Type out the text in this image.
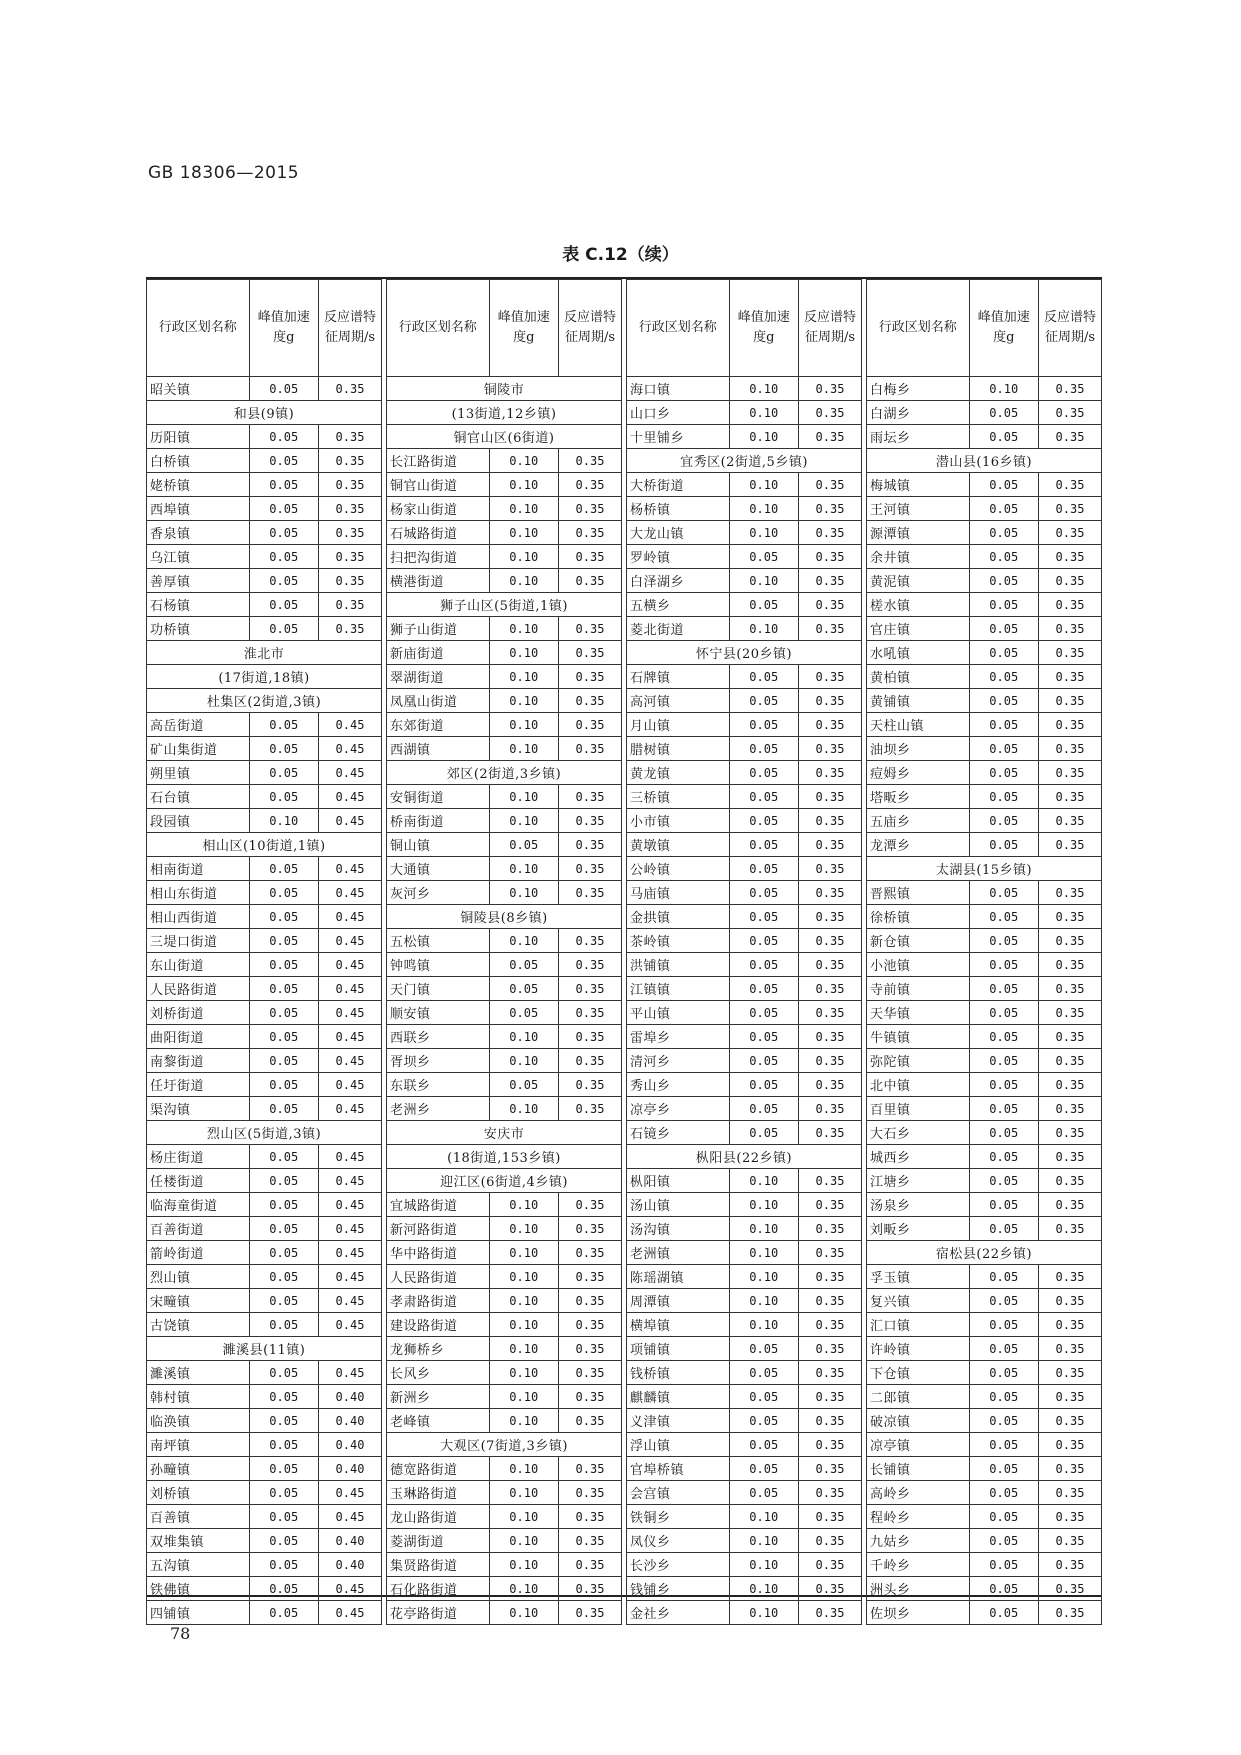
GB 18306—2015
表 C.12（续）
行政区划名称	峰值加速度g	反应谱特征周期/s
昭关镇	0.05	0.35
和县(9镇)		
历阳镇	0.05	0.35
白桥镇	0.05	0.35
姥桥镇	0.05	0.35
西埠镇	0.05	0.35
香泉镇	0.05	0.35
乌江镇	0.05	0.35
善厚镇	0.05	0.35
石杨镇	0.05	0.35
功桥镇	0.05	0.35
淮北市		
(17街道,18镇)		
杜集区(2街道,3镇)		
高岳街道	0.05	0.45
矿山集街道	0.05	0.45
朔里镇	0.05	0.45
石台镇	0.05	0.45
段园镇	0.10	0.45
相山区(10街道,1镇)		
相南街道	0.05	0.45
相山东街道	0.05	0.45
相山西街道	0.05	0.45
三堤口街道	0.05	0.45
东山街道	0.05	0.45
人民路街道	0.05	0.45
刘桥街道	0.05	0.45
曲阳街道	0.05	0.45
南黎街道	0.05	0.45
任圩街道	0.05	0.45
渠沟镇	0.05	0.45
烈山区(5街道,3镇)		
杨庄街道	0.05	0.45
任楼街道	0.05	0.45
临海童街道	0.05	0.45
百善街道	0.05	0.45
箭岭街道	0.05	0.45
烈山镇	0.05	0.45
宋疃镇	0.05	0.45
古饶镇	0.05	0.45
濉溪县(11镇)		
濉溪镇	0.05	0.45
韩村镇	0.05	0.40
临涣镇	0.05	0.40
南坪镇	0.05	0.40
孙疃镇	0.05	0.40
刘桥镇	0.05	0.45
百善镇	0.05	0.45
双堆集镇	0.05	0.40
五沟镇	0.05	0.40
铁佛镇	0.05	0.45
四铺镇	0.05	0.45
行政区划名称	峰值加速度g	反应谱特征周期/s
铜陵市		
(13街道,12乡镇)		
铜官山区(6街道)		
长江路街道	0.10	0.35
铜官山街道	0.10	0.35
杨家山街道	0.10	0.35
石城路街道	0.10	0.35
扫把沟街道	0.10	0.35
横港街道	0.10	0.35
狮子山区(5街道,1镇)		
狮子山街道	0.10	0.35
新庙街道	0.10	0.35
翠湖街道	0.10	0.35
凤凰山街道	0.10	0.35
东郊街道	0.10	0.35
西湖镇	0.10	0.35
郊区(2街道,3乡镇)		
安铜街道	0.10	0.35
桥南街道	0.10	0.35
铜山镇	0.05	0.35
大通镇	0.10	0.35
灰河乡	0.10	0.35
铜陵县(8乡镇)		
五松镇	0.10	0.35
钟鸣镇	0.05	0.35
天门镇	0.05	0.35
顺安镇	0.05	0.35
西联乡	0.10	0.35
胥坝乡	0.10	0.35
东联乡	0.05	0.35
老洲乡	0.10	0.35
安庆市		
(18街道,153乡镇)		
迎江区(6街道,4乡镇)		
宜城路街道	0.10	0.35
新河路街道	0.10	0.35
华中路街道	0.10	0.35
人民路街道	0.10	0.35
孝肃路街道	0.10	0.35
建设路街道	0.10	0.35
龙狮桥乡	0.10	0.35
长风乡	0.10	0.35
新洲乡	0.10	0.35
老峰镇	0.10	0.35
大观区(7街道,3乡镇)		
德宽路街道	0.10	0.35
玉琳路街道	0.10	0.35
龙山路街道	0.10	0.35
菱湖街道	0.10	0.35
集贤路街道	0.10	0.35
石化路街道	0.10	0.35
花亭路街道	0.10	0.35
行政区划名称	峰值加速度g	反应谱特征周期/s
海口镇	0.10	0.35
山口乡	0.10	0.35
十里铺乡	0.10	0.35
宜秀区(2街道,5乡镇)		
大桥街道	0.10	0.35
杨桥镇	0.10	0.35
大龙山镇	0.10	0.35
罗岭镇	0.05	0.35
白泽湖乡	0.10	0.35
五横乡	0.05	0.35
菱北街道	0.10	0.35
怀宁县(20乡镇)		
石牌镇	0.05	0.35
高河镇	0.05	0.35
月山镇	0.05	0.35
腊树镇	0.05	0.35
黄龙镇	0.05	0.35
三桥镇	0.05	0.35
小市镇	0.05	0.35
黄墩镇	0.05	0.35
公岭镇	0.05	0.35
马庙镇	0.05	0.35
金拱镇	0.05	0.35
茶岭镇	0.05	0.35
洪铺镇	0.05	0.35
江镇镇	0.05	0.35
平山镇	0.05	0.35
雷埠乡	0.05	0.35
清河乡	0.05	0.35
秀山乡	0.05	0.35
凉亭乡	0.05	0.35
石镜乡	0.05	0.35
枞阳县(22乡镇)		
枞阳镇	0.10	0.35
汤山镇	0.10	0.35
汤沟镇	0.10	0.35
老洲镇	0.10	0.35
陈瑶湖镇	0.10	0.35
周潭镇	0.10	0.35
横埠镇	0.10	0.35
项铺镇	0.05	0.35
钱桥镇	0.05	0.35
麒麟镇	0.05	0.35
义津镇	0.05	0.35
浮山镇	0.05	0.35
官埠桥镇	0.05	0.35
会宫镇	0.05	0.35
铁铜乡	0.10	0.35
凤仪乡	0.10	0.35
长沙乡	0.10	0.35
钱铺乡	0.10	0.35
金社乡	0.10	0.35
行政区划名称	峰值加速度g	反应谱特征周期/s
白梅乡	0.10	0.35
白湖乡	0.05	0.35
雨坛乡	0.05	0.35
潜山县(16乡镇)		
梅城镇	0.05	0.35
王河镇	0.05	0.35
源潭镇	0.05	0.35
余井镇	0.05	0.35
黄泥镇	0.05	0.35
槎水镇	0.05	0.35
官庄镇	0.05	0.35
水吼镇	0.05	0.35
黄柏镇	0.05	0.35
黄铺镇	0.05	0.35
天柱山镇	0.05	0.35
油坝乡	0.05	0.35
痘姆乡	0.05	0.35
塔畈乡	0.05	0.35
五庙乡	0.05	0.35
龙潭乡	0.05	0.35
太湖县(15乡镇)		
晋熙镇	0.05	0.35
徐桥镇	0.05	0.35
新仓镇	0.05	0.35
小池镇	0.05	0.35
寺前镇	0.05	0.35
天华镇	0.05	0.35
牛镇镇	0.05	0.35
弥陀镇	0.05	0.35
北中镇	0.05	0.35
百里镇	0.05	0.35
大石乡	0.05	0.35
城西乡	0.05	0.35
江塘乡	0.05	0.35
汤泉乡	0.05	0.35
刘畈乡	0.05	0.35
宿松县(22乡镇)		
孚玉镇	0.05	0.35
复兴镇	0.05	0.35
汇口镇	0.05	0.35
许岭镇	0.05	0.35
下仓镇	0.05	0.35
二郎镇	0.05	0.35
破凉镇	0.05	0.35
凉亭镇	0.05	0.35
长铺镇	0.05	0.35
高岭乡	0.05	0.35
程岭乡	0.05	0.35
九姑乡	0.05	0.35
千岭乡	0.05	0.35
洲头乡	0.05	0.35
佐坝乡	0.05	0.35
78
